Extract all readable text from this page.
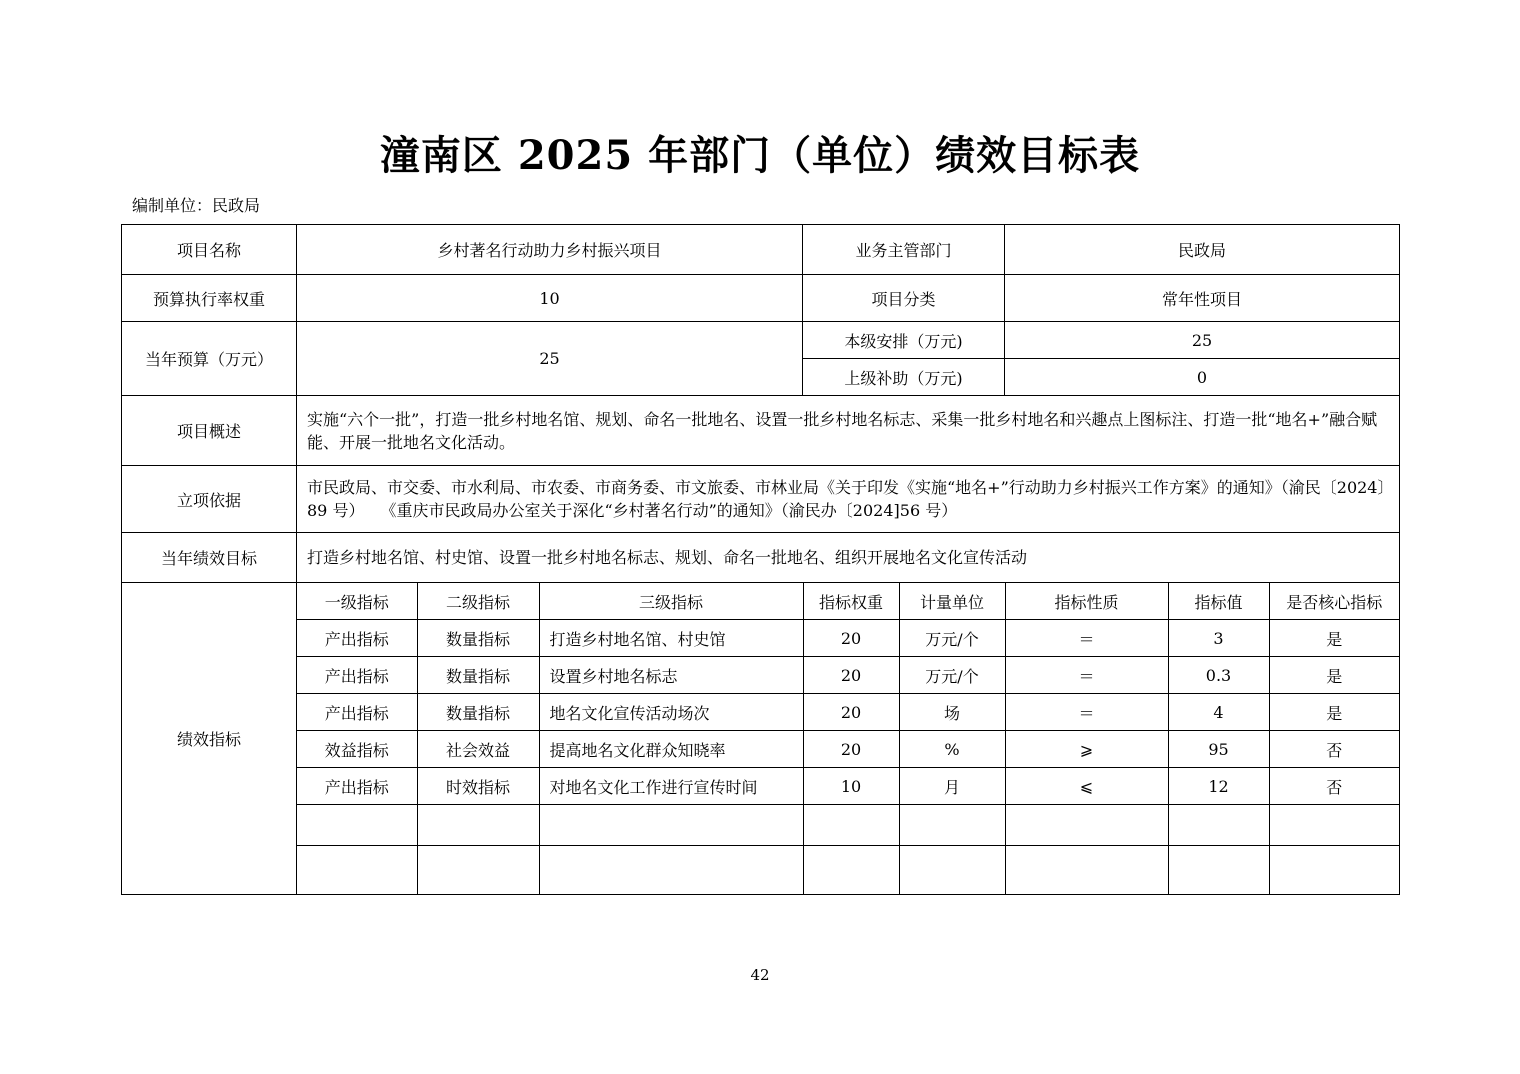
潼南区 2025 年部门（单位）绩效目标表
编制单位：民政局
项目名称	乡村著名行动助力乡村振兴项目	业务主管部门	民政局
预算执行率权重	10	项目分类	常年性项目
当年预算（万元）	25	本级安排（万元)	25
上级补助（万元)	0
项目概述	实施“六个一批”，打造一批乡村地名馆、规划、命名一批地名、设置一批乡村地名标志、采集一批乡村地名和兴趣点上图标注、打造一批“地名+”融合赋能、开展一批地名文化活动。
立项依据	市民政局、市交委、市水利局、市农委、市商务委、市文旅委、市林业局《关于印发《实施“地名+”行动助力乡村振兴工作方案》的通知》（渝民〔2024〕89 号）　　《重庆市民政局办公室关于深化“乡村著名行动”的通知》（渝民办〔2024]56 号）
当年绩效目标	打造乡村地名馆、村史馆、设置一批乡村地名标志、规划、命名一批地名、组织开展地名文化宣传活动
绩效指标	
一级指标	二级指标	三级指标	指标权重	计量单位	指标性质	指标值	是否核心指标
产出指标	数量指标	打造乡村地名馆、村史馆	20	万元/个	＝	3	是
产出指标	数量指标	设置乡村地名标志	20	万元/个	＝	0.3	是
产出指标	数量指标	地名文化宣传活动场次	20	场	＝	4	是
效益指标	社会效益	提高地名文化群众知晓率	20	%	⩾	95	否
产出指标	时效指标	对地名文化工作进行宣传时间	10	月	⩽	12	否

42
